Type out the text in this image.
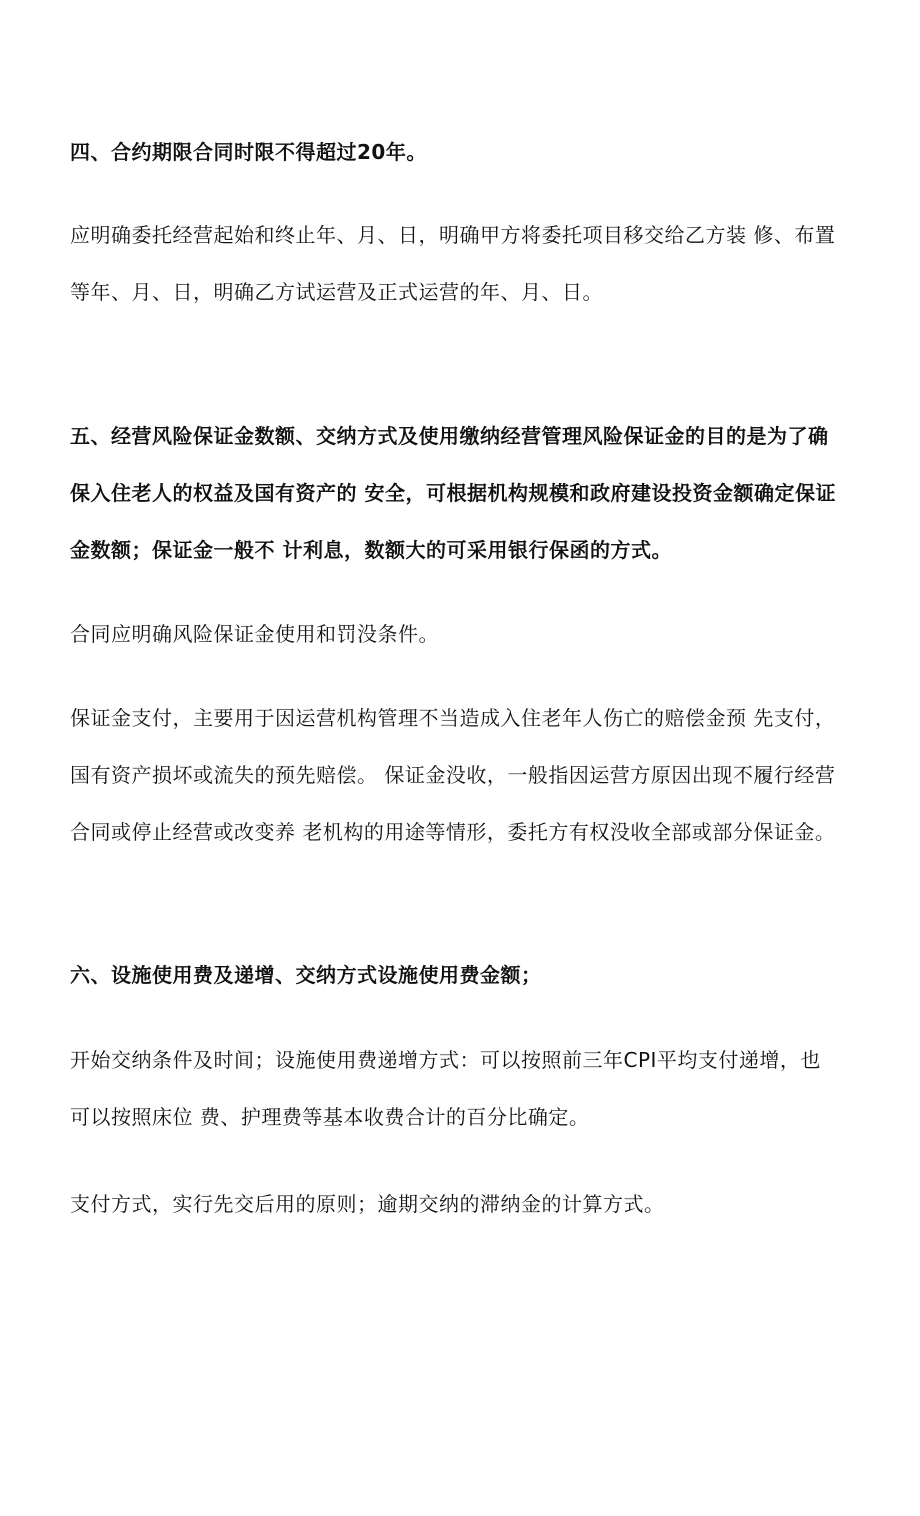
四、合约期限合同时限不得超过20年。
应明确委托经营起始和终止年、月、日，明确甲方将委托项目移交给乙方装 修、布置
等年、月、日，明确乙方试运营及正式运营的年、月、日。
五、经营风险保证金数额、交纳方式及使用缴纳经营管理风险保证金的目的是为了确
保入住老人的权益及国有资产的 安全，可根据机构规模和政府建设投资金额确定保证
金数额；保证金一般不 计利息，数额大的可采用银行保函的方式。
合同应明确风险保证金使用和罚没条件。
保证金支付，主要用于因运营机构管理不当造成入住老年人伤亡的赔偿金预 先支付，
国有资产损坏或流失的预先赔偿。 保证金没收，一般指因运营方原因出现不履行经营
合同或停止经营或改变养 老机构的用途等情形，委托方有权没收全部或部分保证金。
六、设施使用费及递增、交纳方式设施使用费金额；
开始交纳条件及时间；设施使用费递增方式：可以按照前三年CPI平均支付递增，也
可以按照床位 费、护理费等基本收费合计的百分比确定。
支付方式，实行先交后用的原则；逾期交纳的滞纳金的计算方式。
